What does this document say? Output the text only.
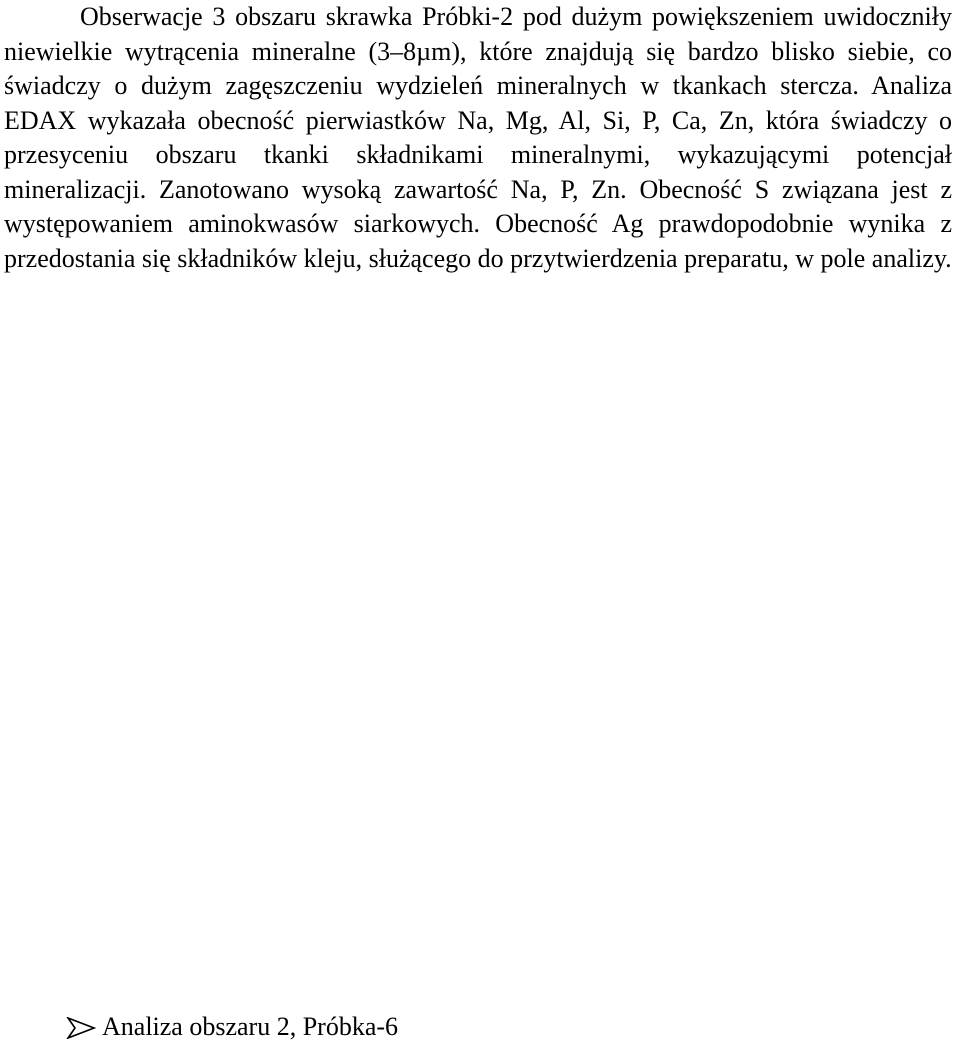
Obserwacje 3 obszaru skrawka Próbki-2 pod dużym powiększeniem uwidoczniły niewielkie wytrącenia mineralne (3–8µm), które znajdują się bardzo blisko siebie, co świadczy o dużym zagęszczeniu wydzieleń mineralnych w tkankach stercza. Analiza EDAX wykazała obecność pierwiastków Na, Mg, Al, Si, P, Ca, Zn, która świadczy o przesyceniu obszaru tkanki składnikami mineralnymi, wykazującymi potencjał mineralizacji. Zanotowano wysoką zawartość Na, P, Zn. Obecność S związana jest z występowaniem aminokwasów siarkowych. Obecność Ag prawdopodobnie wynika z przedostania się składników kleju, służącego do przytwierdzenia preparatu, w pole analizy.

Analiza obszaru 2, Próbka-6
